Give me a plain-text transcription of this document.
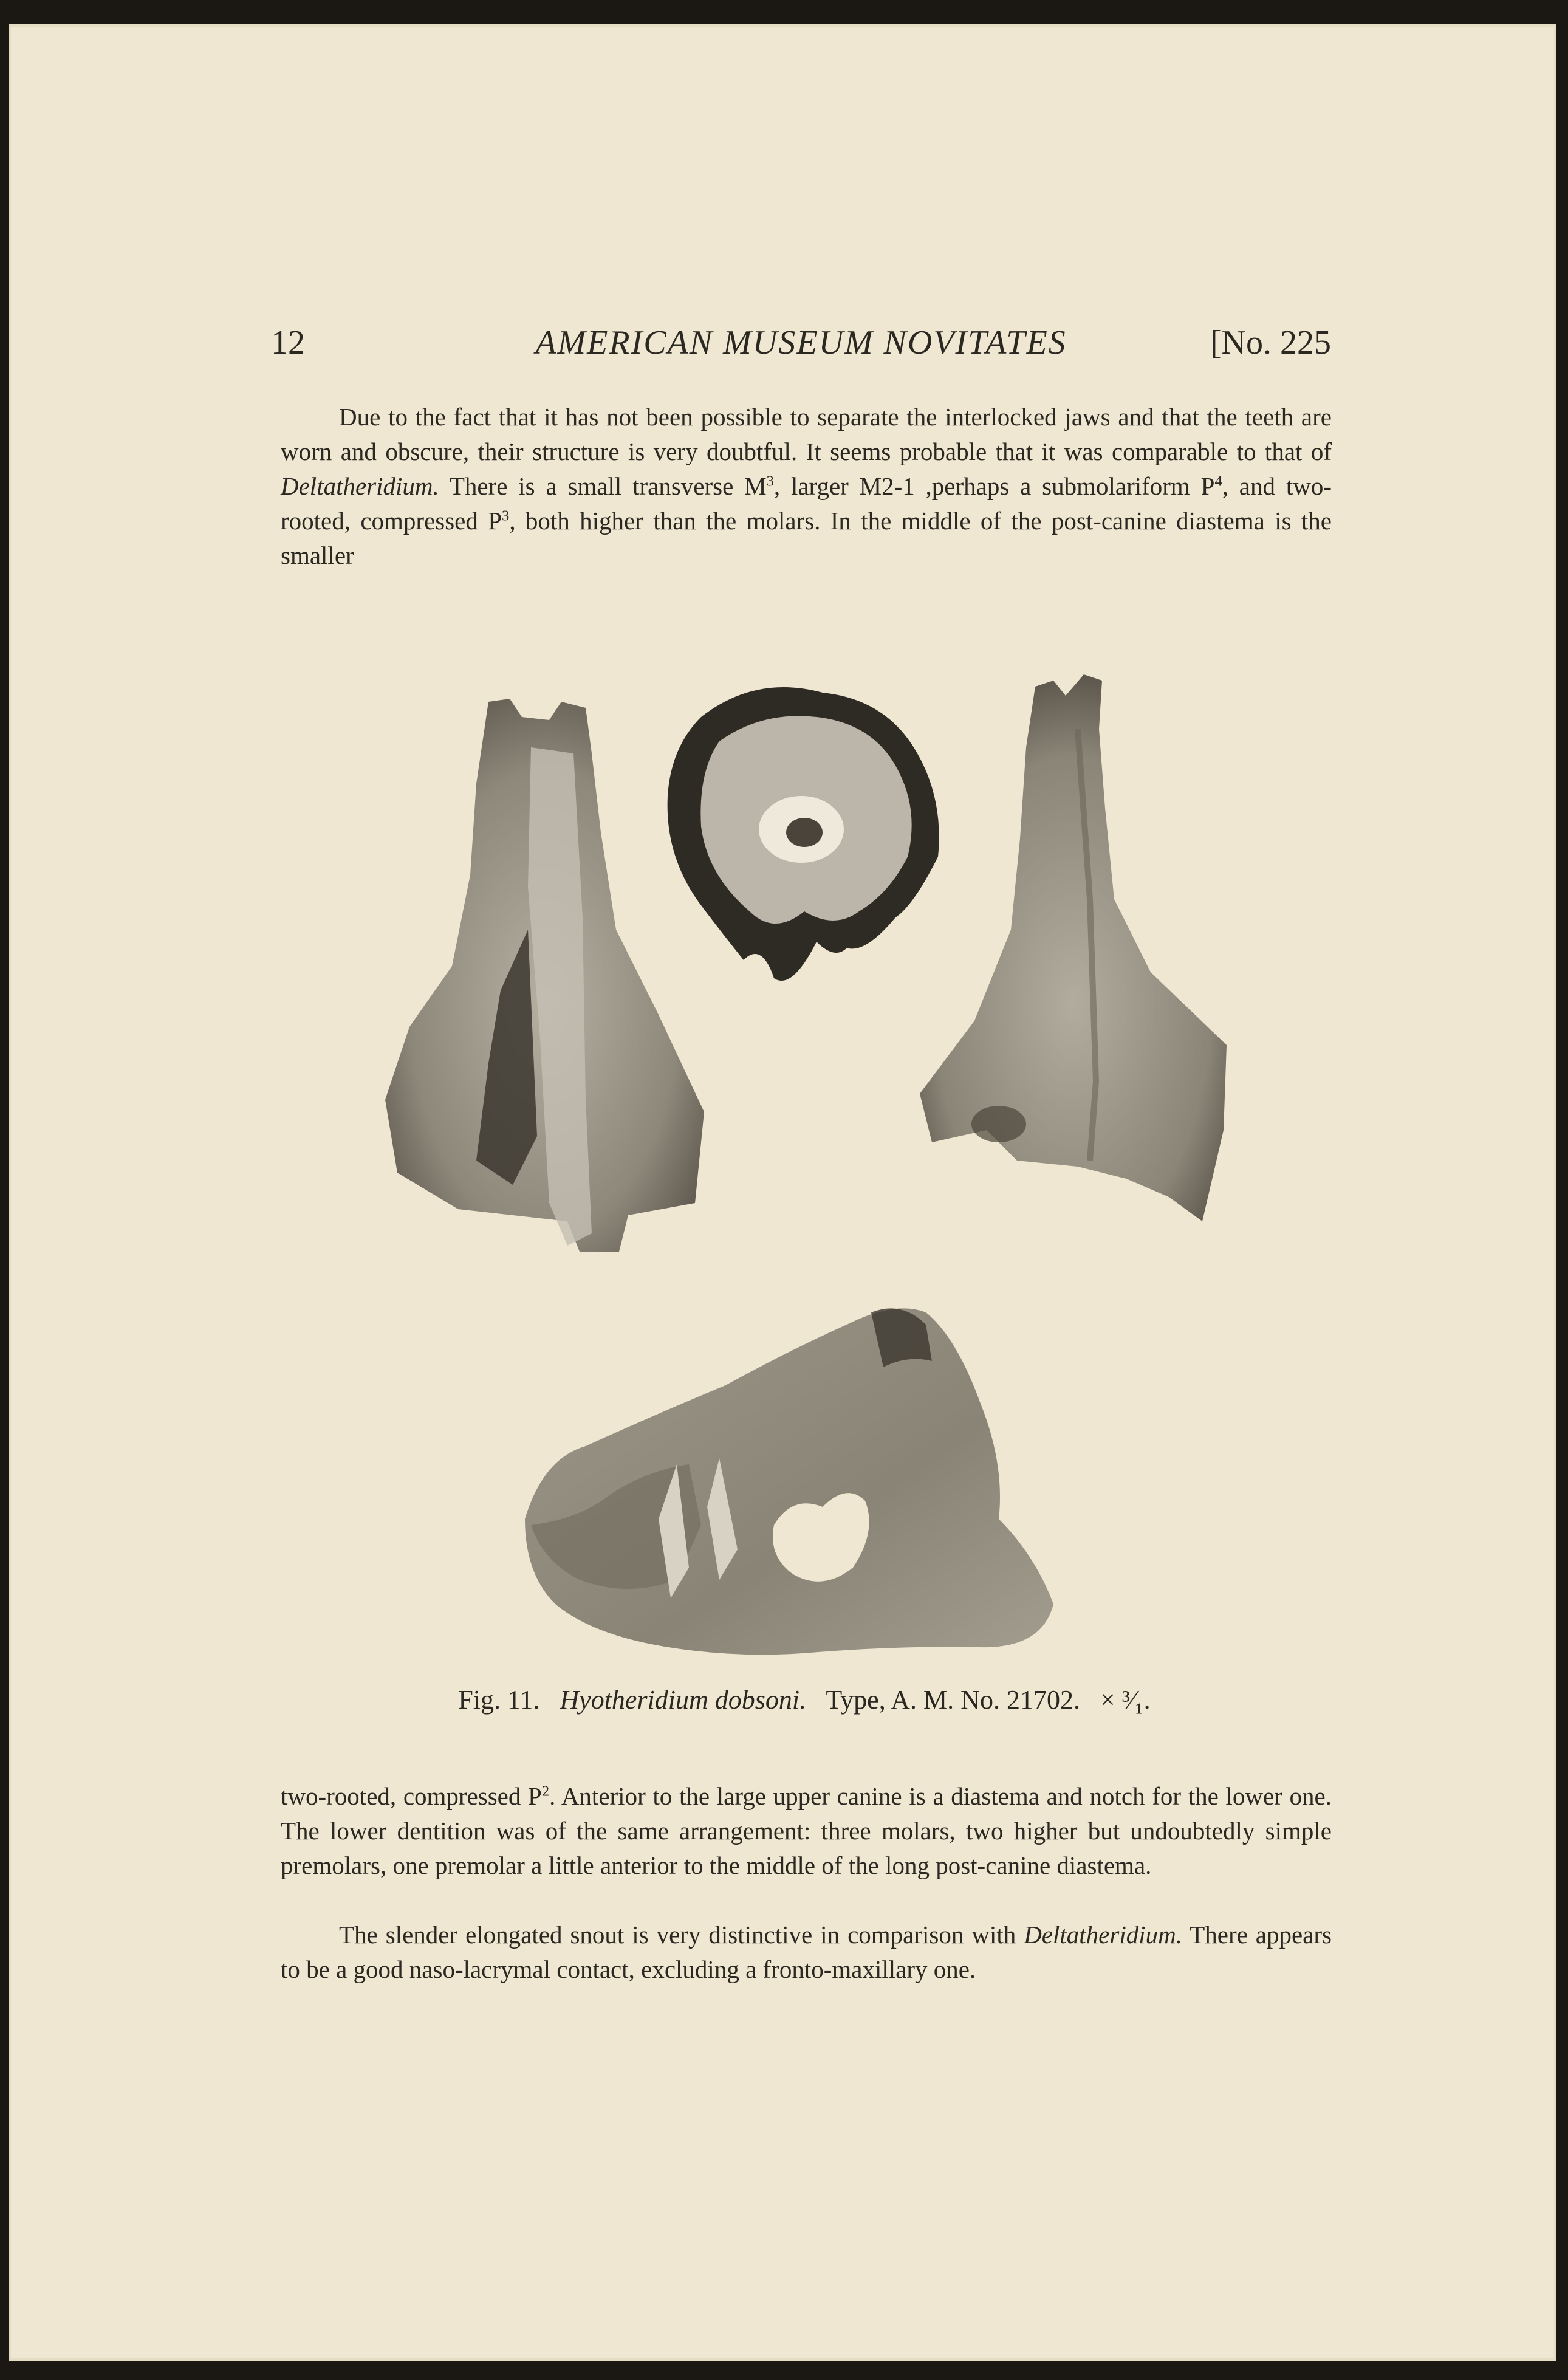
12	AMERICAN MUSEUM NOVITATES	[No. 225

Due to the fact that it has not been possible to separate the interlocked jaws and that the teeth are worn and obscure, their structure is very doubtful. It seems probable that it was comparable to that of Deltatheridium. There is a small transverse $M^3$, larger M2-1 ,perhaps a submolariform $P^4$, and two-rooted, compressed $P^3$, both higher than the molars. In the middle of the post-canine diastema is the smaller

Fig. 11. Hyotheridium dobsoni. Type, A. M. No. 21702. × ³⁄₁.

two-rooted, compressed $P^2$. Anterior to the large upper canine is a diastema and notch for the lower one. The lower dentition was of the same arrangement: three molars, two higher but undoubtedly simple premolars, one premolar a little anterior to the middle of the long post-canine diastema.

The slender elongated snout is very distinctive in comparison with Deltatheridium. There appears to be a good naso-lacrymal contact, excluding a fronto-maxillary one.
